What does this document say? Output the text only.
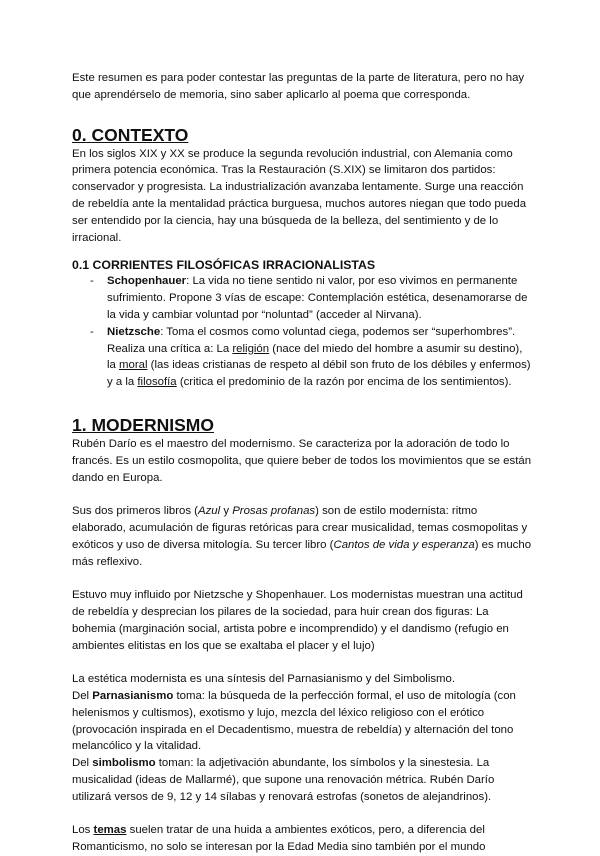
Este resumen es para poder contestar las preguntas de la parte de literatura, pero no hay que aprendérselo de memoria, sino saber aplicarlo al poema que corresponda.

0. CONTEXTO

En los siglos XIX y XX se produce la segunda revolución industrial, con Alemania como primera potencia económica. Tras la Restauración (S.XIX) se limitaron dos partidos: conservador y progresista. La industrialización avanzaba lentamente. Surge una reacción de rebeldía ante la mentalidad práctica burguesa, muchos autores niegan que todo pueda ser entendido por la ciencia, hay una búsqueda de la belleza, del sentimiento y de lo irracional.

0.1 CORRIENTES FILOSÓFICAS IRRACIONALISTAS
- Schopenhauer: La vida no tiene sentido ni valor, por eso vivimos en permanente sufrimiento. Propone 3 vías de escape: Contemplación estética, desenamorarse de la vida y cambiar voluntad por “noluntad” (acceder al Nirvana).
- Nietzsche: Toma el cosmos como voluntad ciega, podemos ser “superhombres”. Realiza una crítica a: La religión (nace del miedo del hombre a asumir su destino), la moral (las ideas cristianas de respeto al débil son fruto de los débiles y enfermos) y a la filosofía (critica el predominio de la razón por encima de los sentimientos).
1. MODERNISMO

Rubén Darío es el maestro del modernismo. Se caracteriza por la adoración de todo lo francés. Es un estilo cosmopolita, que quiere beber de todos los movimientos que se están dando en Europa.

Sus dos primeros libros (Azul y Prosas profanas) son de estilo modernista: ritmo elaborado, acumulación de figuras retóricas para crear musicalidad, temas cosmopolitas y exóticos y uso de diversa mitología. Su tercer libro (Cantos de vida y esperanza) es mucho más reflexivo.

Estuvo muy influido por Nietzsche y Shopenhauer. Los modernistas muestran una actitud de rebeldía y desprecian los pilares de la sociedad, para huir crean dos figuras: La bohemia (marginación social, artista pobre e incomprendido) y el dandismo (refugio en ambientes elitistas en los que se exaltaba el placer y el lujo)

La estética modernista es una síntesis del Parnasianismo y del Simbolismo.

Del Parnasianismo toma: la búsqueda de la perfección formal, el uso de mitología (con helenismos y cultismos), exotismo y lujo, mezcla del léxico religioso con el erótico (provocación inspirada en el Decadentismo, muestra de rebeldía) y alternación del tono melancólico y la vitalidad.

Del simbolismo toman: la adjetivación abundante, los símbolos y la sinestesia. La musicalidad (ideas de Mallarmé), que supone una renovación métrica. Rubén Darío utilizará versos de 9, 12 y 14 sílabas y renovará estrofas (sonetos de alejandrinos).

Los temas suelen tratar de una huida a ambientes exóticos, pero, a diferencia del Romanticismo, no solo se interesan por la Edad Media sino también por el mundo
